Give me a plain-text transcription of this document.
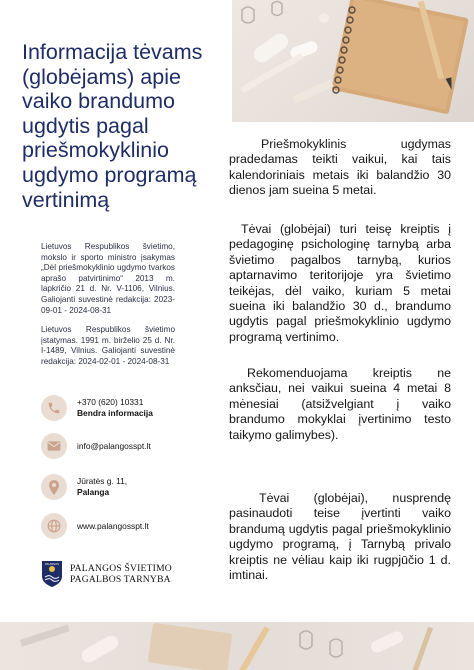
Informacija tėvams (globėjams) apie vaiko brandumo ugdytis pagal priešmokyklinio ugdymo programą vertinimą

Lietuvos Respublikos švietimo, mokslo ir sporto ministro įsakymas „Dėl priešmokyklinio ugdymo tvarkos aprašo patvirtinimo“ 2013 m. lapkričio 21 d. Nr. V-1106, Vilnius. Galiojanti suvestinė redakcija: 2023-09-01 - 2024-08-31

Lietuvos Respublikos švietimo įstatymas. 1991 m. birželio 25 d. Nr. I-1489, Vilnius. Galiojanti suvestinė redakcija: 2024-02-01 - 2024-08-31

+370 (620) 10331
Bendra informacija
info@palangosspt.lt
Jūratės g. 11,
Palanga
www.palangosspt.lt
PALANGOS PALANGOS ŠVIETIMO
PAGALBOS TARNYBA

Priešmokyklinis ugdymas pradedamas teikti vaikui, kai tais kalendoriniais metais iki balandžio 30 dienos jam sueina 5 metai.

Tėvai (globėjai) turi teisę kreiptis į pedagoginę psichologinę tarnybą arba švietimo pagalbos tarnybą, kurios aptarnavimo teritorijoje yra švietimo teikėjas, dėl vaiko, kuriam 5 metai sueina iki balandžio 30 d., brandumo ugdytis pagal priešmokyklinio ugdymo programą vertinimo.

Rekomenduojama kreiptis ne anksčiau, nei vaikui sueina 4 metai 8 mėnesiai (atsižvelgiant į vaiko brandumo mokyklai įvertinimo testo taikymo galimybes).

Tėvai (globėjai), nusprendę pasinaudoti teise įvertinti vaiko brandumą ugdytis pagal priešmokyklinio ugdymo programą, į Tarnybą privalo kreiptis ne vėliau kaip iki rugpjūčio 1 d. imtinai.
